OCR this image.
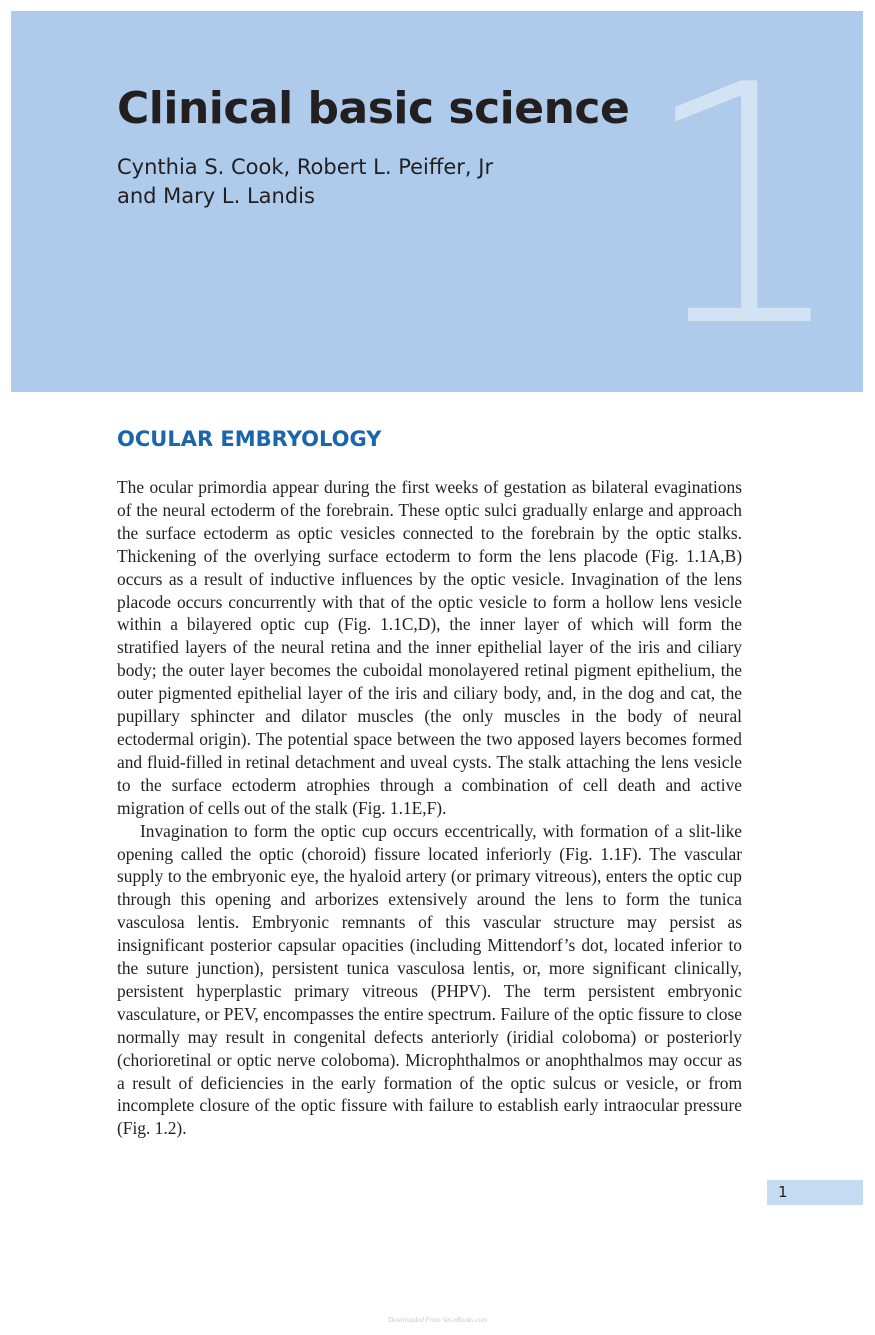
1
Clinical basic science
Cynthia S. Cook, Robert L. Peiffer, Jr
and Mary L. Landis
OCULAR EMBRYOLOGY

The ocular primordia appear during the first weeks of gestation as bilateral evaginations of the neural ectoderm of the forebrain. These optic sulci gradually enlarge and approach the surface ectoderm as optic vesicles connected to the forebrain by the optic stalks. Thickening of the overlying surface ectoderm to form the lens placode (Fig. 1.1A,B) occurs as a result of inductive influences by the optic vesicle. Invagination of the lens placode occurs concurrently with that of the optic vesicle to form a hollow lens vesicle within a bilayered optic cup (Fig. 1.1C,D), the inner layer of which will form the stratified layers of the neural retina and the inner epithelial layer of the iris and ciliary body; the outer layer becomes the cuboidal monolayered retinal pigment epithelium, the outer pigmented epithelial layer of the iris and ciliary body, and, in the dog and cat, the pupillary sphincter and dilator muscles (the only muscles in the body of neural ectodermal origin). The potential space between the two apposed layers becomes formed and fluid-filled in retinal detachment and uveal cysts. The stalk attaching the lens vesicle to the surface ectoderm atrophies through a combination of cell death and active migration of cells out of the stalk (Fig. 1.1E,F).

Invagination to form the optic cup occurs eccentrically, with formation of a slit-like opening called the optic (choroid) fissure located inferiorly (Fig. 1.1F). The vascular supply to the embryonic eye, the hyaloid artery (or primary vitreous), enters the optic cup through this opening and arborizes extensively around the lens to form the tunica vasculosa lentis. Embryonic remnants of this vascular structure may persist as insignificant posterior capsular opacities (including Mittendorf’s dot, located inferior to the suture junction), persistent tunica vasculosa lentis, or, more significant clinically, persistent hyperplastic primary vitreous (PHPV). The term persistent embryonic vasculature, or PEV, encompasses the entire spectrum. Failure of the optic fissure to close normally may result in congenital defects anteriorly (iridial coloboma) or posteriorly (chorioretinal or optic nerve coloboma). Microphthalmos or anophthalmos may occur as a result of deficiencies in the early formation of the optic sulcus or vesicle, or from incomplete closure of the optic fissure with failure to establish early intraocular pressure (Fig. 1.2).

1
Downloaded From Vet-eBooks.com
